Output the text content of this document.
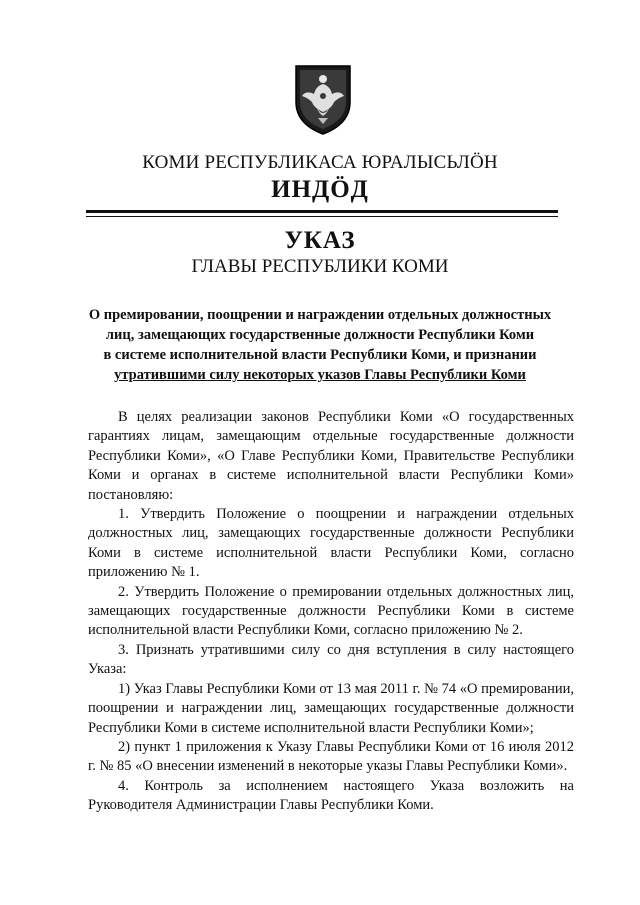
КОМИ РЕСПУБЛИКАСА ЮРАЛЫСЬЛÖН
ИНДÖД
УКАЗ
ГЛАВЫ РЕСПУБЛИКИ КОМИ
О премировании, поощрении и награждении отдельных должностных
лиц, замещающих государственные должности Республики Коми
в системе исполнительной власти Республики Коми, и признании
утратившими силу некоторых указов Главы Республики Коми

В целях реализации законов Республики Коми «О государственных гарантиях лицам, замещающим отдельные государственные должности Республики Коми», «О Главе Республики Коми, Правительстве Республики Коми и органах в системе исполнительной власти Республики Коми» постановляю:

1. Утвердить Положение о поощрении и награждении отдельных должностных лиц, замещающих государственные должности Республики Коми в системе исполнительной власти Республики Коми, согласно приложению № 1.

2. Утвердить Положение о премировании отдельных должностных лиц, замещающих государственные должности Республики Коми в системе исполнительной власти Республики Коми, согласно приложению № 2.

3. Признать утратившими силу со дня вступления в силу настоящего Указа:

1) Указ Главы Республики Коми от 13 мая 2011 г. № 74 «О премировании, поощрении и награждении лиц, замещающих государственные должности Республики Коми в системе исполнительной власти Республики Коми»;

2) пункт 1 приложения к Указу Главы Республики Коми от 16 июля 2012 г. № 85 «О внесении изменений в некоторые указы Главы Республики Коми».

4. Контроль за исполнением настоящего Указа возложить на Руководителя Администрации Главы Республики Коми.
